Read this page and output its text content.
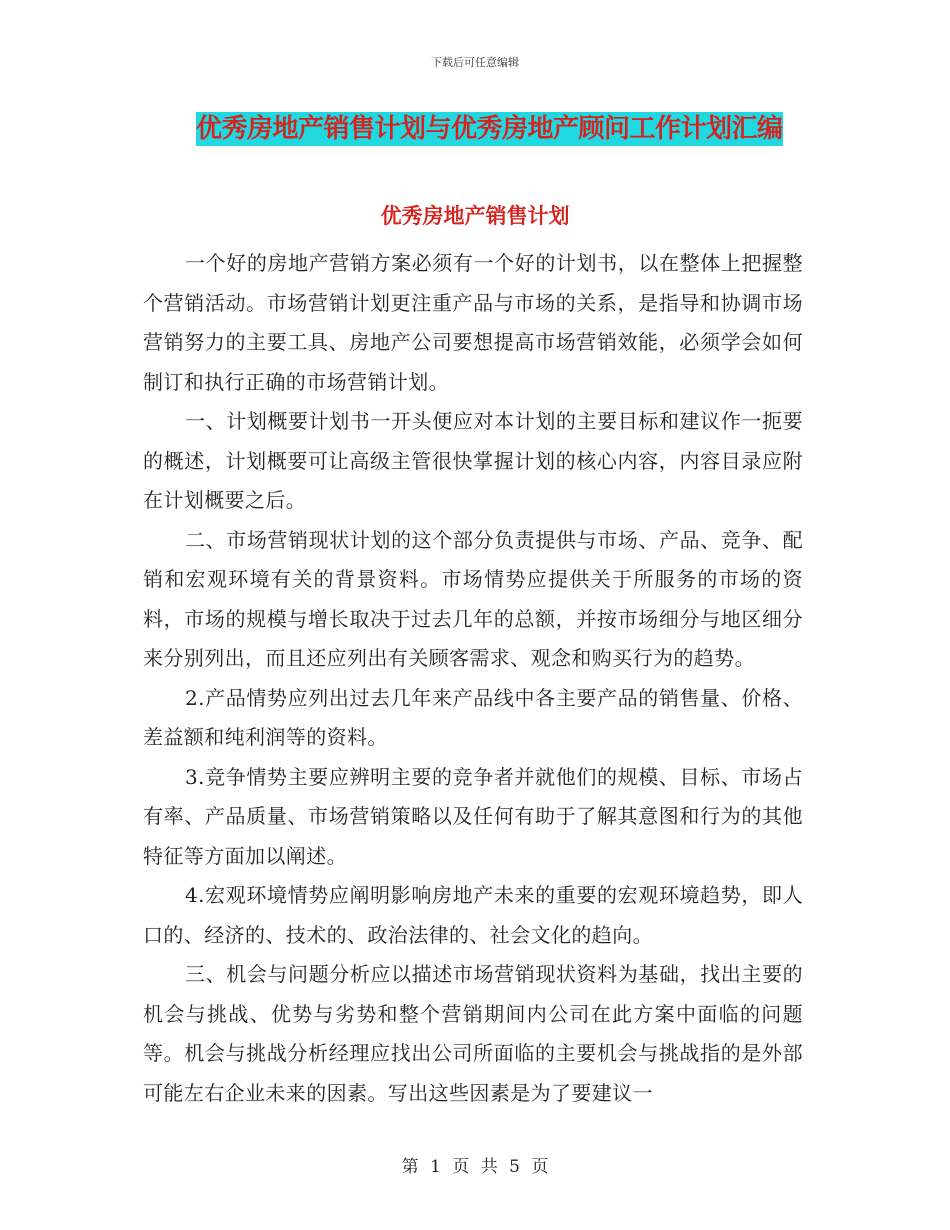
下载后可任意编辑
优秀房地产销售计划与优秀房地产顾问工作计划汇编
优秀房地产销售计划

一个好的房地产营销方案必须有一个好的计划书，以在整体上把握整个营销活动。市场营销计划更注重产品与市场的关系，是指导和协调市场营销努力的主要工具、房地产公司要想提高市场营销效能，必须学会如何制订和执行正确的市场营销计划。

一、计划概要计划书一开头便应对本计划的主要目标和建议作一扼要的概述，计划概要可让高级主管很快掌握计划的核心内容，内容目录应附在计划概要之后。

二、市场营销现状计划的这个部分负责提供与市场、产品、竞争、配销和宏观环境有关的背景资料。市场情势应提供关于所服务的市场的资料，市场的规模与增长取决于过去几年的总额，并按市场细分与地区细分来分别列出，而且还应列出有关顾客需求、观念和购买行为的趋势。

2.产品情势应列出过去几年来产品线中各主要产品的销售量、价格、差益额和纯利润等的资料。

3.竞争情势主要应辨明主要的竞争者并就他们的规模、目标、市场占有率、产品质量、市场营销策略以及任何有助于了解其意图和行为的其他特征等方面加以阐述。

4.宏观环境情势应阐明影响房地产未来的重要的宏观环境趋势，即人口的、经济的、技术的、政治法律的、社会文化的趋向。

三、机会与问题分析应以描述市场营销现状资料为基础，找出主要的机会与挑战、优势与劣势和整个营销期间内公司在此方案中面临的问题等。机会与挑战分析经理应找出公司所面临的主要机会与挑战指的是外部可能左右企业未来的因素。写出这些因素是为了要建议一

第 1 页 共 5 页
